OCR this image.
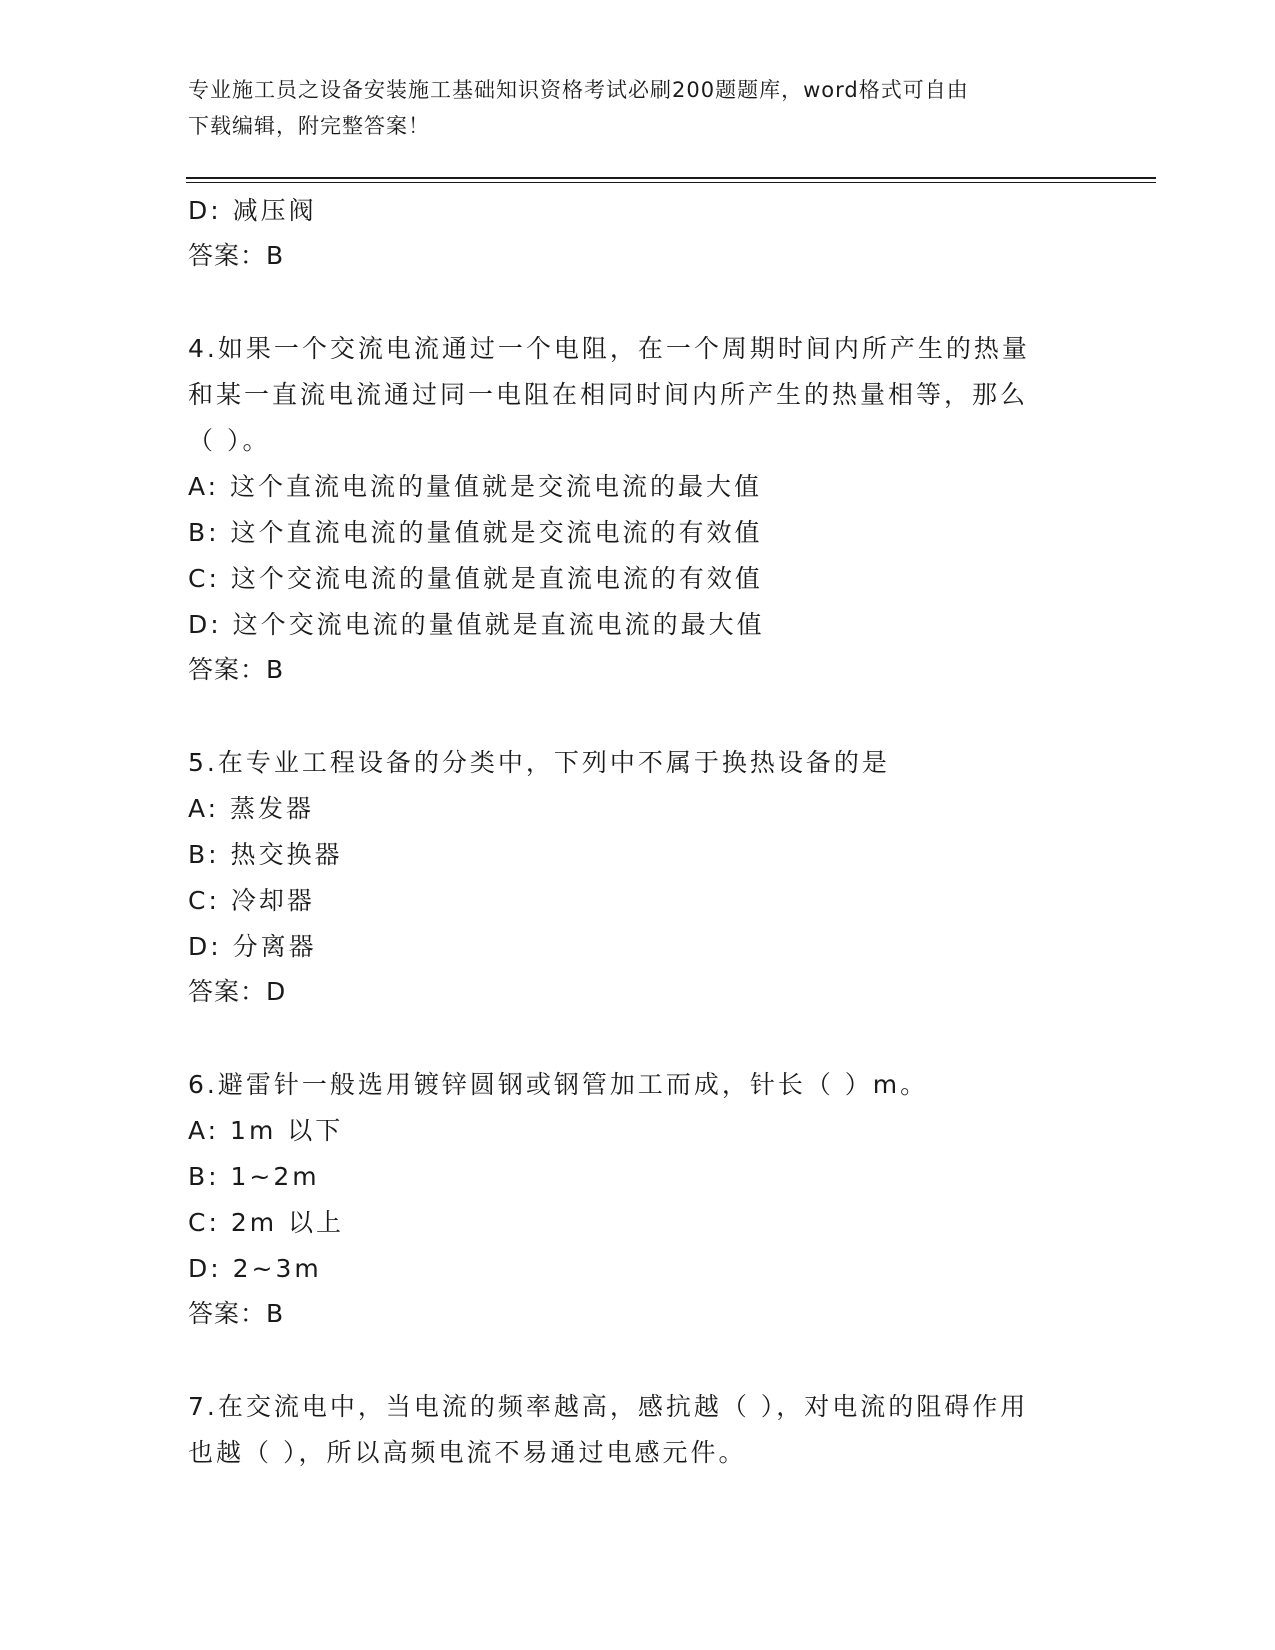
专业施工员之设备安装施工基础知识资格考试必刷200题题库，word格式可自由
下载编辑，附完整答案！
D: 减压阀
答案：B
4.如果一个交流电流通过一个电阻，在一个周期时间内所产生的热量
和某一直流电流通过同一电阻在相同时间内所产生的热量相等，那么
（ ）。
A: 这个直流电流的量值就是交流电流的最大值
B: 这个直流电流的量值就是交流电流的有效值
C: 这个交流电流的量值就是直流电流的有效值
D: 这个交流电流的量值就是直流电流的最大值
答案：B
5.在专业工程设备的分类中，下列中不属于换热设备的是
A: 蒸发器
B: 热交换器
C: 冷却器
D: 分离器
答案：D
6.避雷针一般选用镀锌圆钢或钢管加工而成，针长（ ）m。
A: 1m 以下
B: 1~2m
C: 2m 以上
D: 2~3m
答案：B
7.在交流电中，当电流的频率越高，感抗越（ ），对电流的阻碍作用
也越（ ），所以高频电流不易通过电感元件。
